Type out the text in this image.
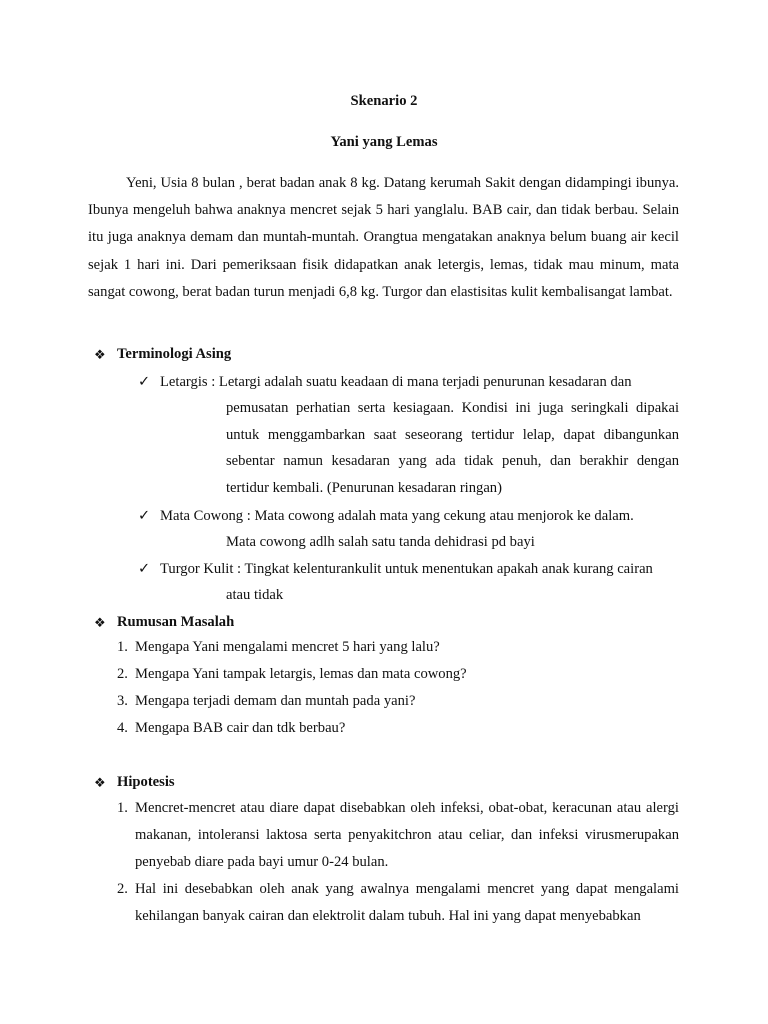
Skenario 2
Yani yang Lemas

Yeni, Usia 8 bulan , berat badan anak 8 kg. Datang kerumah Sakit dengan didampingi ibunya. Ibunya mengeluh bahwa anaknya mencret sejak 5 hari yanglalu. BAB cair, dan tidak berbau. Selain itu juga anaknya demam dan muntah-muntah. Orangtua mengatakan anaknya belum buang air kecil sejak 1 hari ini. Dari pemeriksaan fisik didapatkan anak letergis, lemas, tidak mau minum, mata sangat cowong, berat badan turun menjadi 6,8 kg. Turgor dan elastisitas kulit kembalisangat lambat.

❖ Terminologi Asing
✓ Letargis : Letargi adalah suatu keadaan di mana terjadi penurunan kesadaran dan
pemusatan perhatian serta kesiagaan. Kondisi ini juga seringkali dipakai untuk menggambarkan saat seseorang tertidur lelap, dapat dibangunkan sebentar namun kesadaran yang ada tidak penuh, dan berakhir dengan tertidur kembali. (Penurunan kesadaran ringan)
✓ Mata Cowong : Mata cowong adalah mata yang cekung atau menjorok ke dalam.
Mata cowong adlh salah satu tanda dehidrasi pd bayi
✓ Turgor Kulit : Tingkat kelenturankulit untuk menentukan apakah anak kurang cairan
atau tidak
❖ Rumusan Masalah
1. Mengapa Yani mengalami mencret 5 hari yang lalu?
2. Mengapa Yani tampak letargis, lemas dan mata cowong?
3. Mengapa terjadi demam dan muntah pada yani?
4. Mengapa BAB cair dan tdk berbau?
❖ Hipotesis
1. Mencret-mencret atau diare dapat disebabkan oleh infeksi, obat-obat, keracunan atau alergi makanan, intoleransi laktosa serta penyakitchron atau celiar, dan infeksi virusmerupakan penyebab diare pada bayi umur 0-24 bulan.
2. Hal ini desebabkan oleh anak yang awalnya mengalami mencret yang dapat mengalami kehilangan banyak cairan dan elektrolit dalam tubuh. Hal ini yang dapat menyebabkan
